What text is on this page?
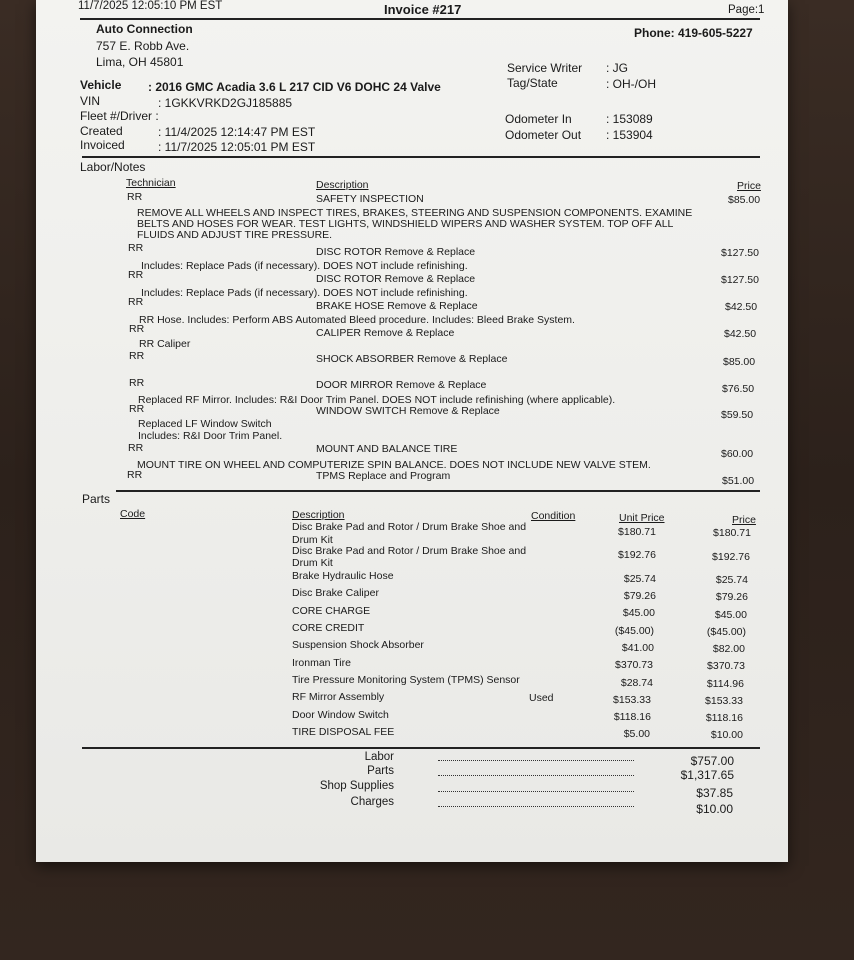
11/7/2025 12:05:10 PM EST	Invoice #217	Page:1
Auto Connection
757 E. Robb Ave.
Lima, OH 45801
Phone: 419-605-5227
Vehicle : 2016 GMC Acadia 3.6 L 217 CID V6 DOHC 24 Valve
VIN	: 1GKKVRKD2GJ185885
Fleet #/Driver :
Created	: 11/4/2025 12:14:47 PM EST
Invoiced	: 11/7/2025 12:05:01 PM EST
Service Writer : JG
Tag/State	: OH-/OH
Odometer In	: 153089
Odometer Out : 153904
Labor/Notes
Technician	Description	Price
RR	SAFETY INSPECTION	$85.00
REMOVE ALL WHEELS AND INSPECT TIRES, BRAKES, STEERING AND SUSPENSION COMPONENTS. EXAMINE BELTS AND HOSES FOR WEAR. TEST LIGHTS, WINDSHIELD WIPERS AND WASHER SYSTEM. TOP OFF ALL FLUIDS AND ADJUST TIRE PRESSURE.
RR	DISC ROTOR Remove & Replace	$127.50
Includes: Replace Pads (if necessary). DOES NOT include refinishing.
RR	DISC ROTOR Remove & Replace	$127.50
Includes: Replace Pads (if necessary). DOES NOT include refinishing.
RR	BRAKE HOSE Remove & Replace	$42.50
RR Hose. Includes: Perform ABS Automated Bleed procedure. Includes: Bleed Brake System.
RR	CALIPER Remove & Replace	$42.50
RR Caliper
RR	SHOCK ABSORBER Remove & Replace	$85.00
RR	DOOR MIRROR Remove & Replace	$76.50
Replaced RF Mirror. Includes: R&I Door Trim Panel. DOES NOT include refinishing (where applicable).
RR	WINDOW SWITCH Remove & Replace	$59.50
Replaced LF Window Switch
Includes: R&I Door Trim Panel.
RR	MOUNT AND BALANCE TIRE	$60.00
MOUNT TIRE ON WHEEL AND COMPUTERIZE SPIN BALANCE. DOES NOT INCLUDE NEW VALVE STEM.
RR	TPMS Replace and Program	$51.00
Parts
Code	Description	Condition	Unit Price	Price
Disc Brake Pad and Rotor / Drum Brake Shoe and
Drum Kit
$180.71	$180.71
Disc Brake Pad and Rotor / Drum Brake Shoe and
Drum Kit
$192.76	$192.76
Brake Hydraulic Hose	$25.74	$25.74
Disc Brake Caliper	$79.26	$79.26
CORE CHARGE	$45.00	$45.00
CORE CREDIT	($45.00)	($45.00)
Suspension Shock Absorber	$41.00	$82.00
Ironman Tire	$370.73	$370.73
Tire Pressure Monitoring System (TPMS) Sensor	$28.74	$114.96
RF Mirror Assembly	Used	$153.33	$153.33
Door Window Switch	$118.16	$118.16
TIRE DISPOSAL FEE	$5.00	$10.00
Labor	$757.00
Parts	$1,317.65
Shop Supplies	$37.85
Charges	$10.00
